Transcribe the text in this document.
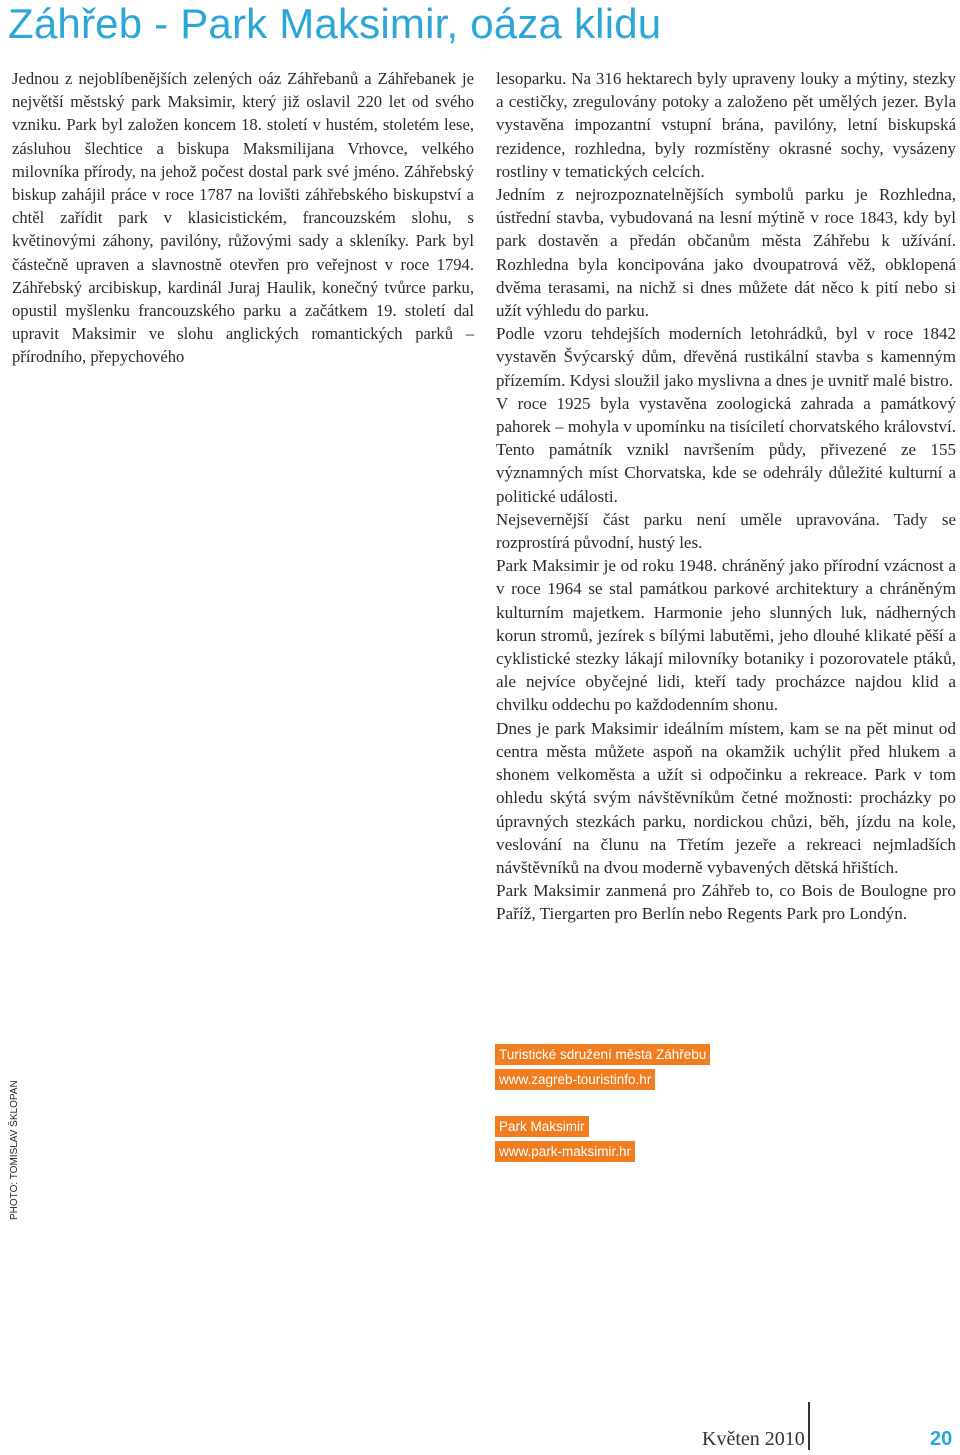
Záhřeb - Park Maksimir, oáza klidu

Jednou z nejoblíbenějších zelených oáz Záhřebanů a Záhřebanek je největší městský park Maksimir, který již oslavil 220 let od svého vzniku. Park byl založen koncem 18. století v hustém, stoletém lese, zásluhou šlechtice a biskupa Maksmilijana Vrhovce, velkého milovníka přírody, na jehož počest dostal park své jméno. Záhřebský biskup zahájil práce v roce 1787 na lovišti záhřebského biskupství a chtěl zařídit park v klasicistickém, francouzském slohu, s květinovými záhony, pavilóny, růžovými sady a skleníky. Park byl částečně upraven a slavnostně otevřen pro veřejnost v roce 1794. Záhřebský arcibiskup, kardinál Juraj Haulik, konečný tvůrce parku, opustil myšlenku francouzského parku a začátkem 19. století dal upravit Maksimir ve slohu anglických romantických parků – přírodního, přepychového

lesoparku. Na 316 hektarech byly upraveny louky a mýtiny, stezky a cestičky, zregulovány potoky a založeno pět umělých jezer. Byla vystavěna impozantní vstupní brána, pavilóny, letní biskupská rezidence, rozhledna, byly rozmístěny okrasné sochy, vysázeny rostliny v tematických celcích.

Jedním z nejrozpoznatelnějších symbolů parku je Rozhledna, ústřední stavba, vybudovaná na lesní mýtině v roce 1843, kdy byl park dostavěn a předán občanům města Záhřebu k užívání. Rozhledna byla koncipována jako dvoupatrová věž, obklopená dvěma terasami, na nichž si dnes můžete dát něco k pití nebo si užít výhledu do parku.

Podle vzoru tehdejších moderních letohrádků, byl v roce 1842 vystavěn Švýcarský dům, dřevěná rustikální stavba s kamenným přízemím. Kdysi sloužil jako myslivna a dnes je uvnitř malé bistro.

V roce 1925 byla vystavěna zoologická zahrada a památkový pahorek – mohyla v upomínku na tisíciletí chorvatského království. Tento památník vznikl navršením půdy, přivezené ze 155 významných míst Chorvatska, kde se odehrály důležité kulturní a politické události.

Nejsevernější část parku není uměle upravována. Tady se rozprostírá původní, hustý les.

Park Maksimir je od roku 1948. chráněný jako přírodní vzácnost a v roce 1964 se stal památkou parkové architektury a chráněným kulturním majetkem. Harmonie jeho slunných luk, nádherných korun stromů, jezírek s bílými labutěmi, jeho dlouhé klikaté pěší a cyklistické stezky lákají milovníky botaniky i pozorovatele ptáků, ale nejvíce obyčejné lidi, kteří tady procházce najdou klid a chvilku oddechu po každodenním shonu.

Dnes je park Maksimir ideálním místem, kam se na pět minut od centra města můžete aspoň na okamžik uchýlit před hlukem a shonem velkoměsta a užít si odpočinku a rekreace. Park v tom ohledu skýtá svým návštěvníkům četné možnosti: procházky po úpravných stezkách parku, nordickou chůzi, běh, jízdu na kole, veslování na člunu na Třetím jezeře a rekreaci nejmladších návštěvníků na dvou moderně vybavených dětská hřištích.

Park Maksimir zanmená pro Záhřeb to, co Bois de Boulogne pro Paříž, Tiergarten pro Berlín nebo Regents Park pro Londýn.

Turistické sdružení města Záhřebu
www.zagreb-touristinfo.hr
Park Maksimir
www.park-maksimir.hr
PHOTO: TOMISLAV ŠKLOPAN
Květen 2010	20
